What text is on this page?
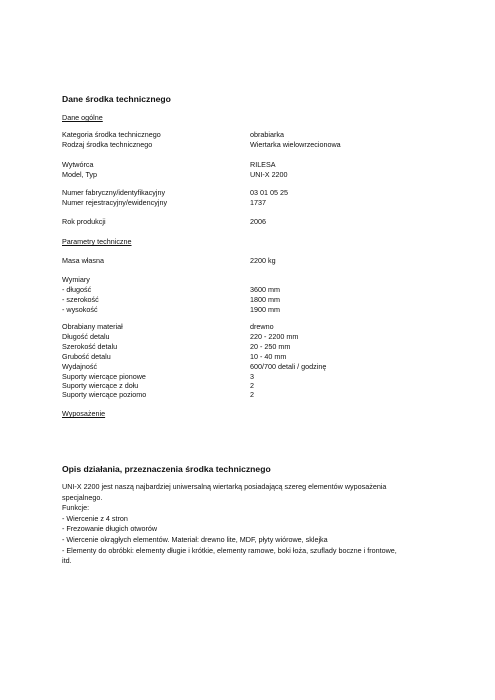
Dane środka technicznego
Dane ogólne
Kategoria środka technicznego	obrabiarka
Rodzaj środka technicznego	Wiertarka wielowrzecionowa
Wytwórca	RILESA
Model, Typ	UNI-X 2200
Numer fabryczny/identyfikacyjny	03 01 05 25
Numer rejestracyjny/ewidencyjny	1737
Rok produkcji	2006
Parametry techniczne
Masa własna	2200 kg
Wymiary
- długość	3600 mm
- szerokość	1800 mm
- wysokość	1900 mm
Obrabiany materiał	drewno
Długość detalu	220 - 2200 mm
Szerokość detalu	20 - 250 mm
Grubość detalu	10 - 40 mm
Wydajność	600/700 detali / godzinę
Suporty wiercące pionowe	3
Suporty wiercące z dołu	2
Suporty wiercące poziomo	2
Wyposażenie
Opis działania, przeznaczenia środka technicznego

UNI-X 2200 jest naszą najbardziej uniwersalną wiertarką posiadającą szereg elementów wyposażenia

specjalnego.

Funkcje:

- Wiercenie z 4 stron

- Frezowanie długich otworów

- Wiercenie okrągłych elementów. Materiał: drewno lite, MDF, płyty wiórowe, sklejka

- Elementy do obróbki: elementy długie i krótkie, elementy ramowe, boki łoża, szuflady boczne i frontowe,

itd.
